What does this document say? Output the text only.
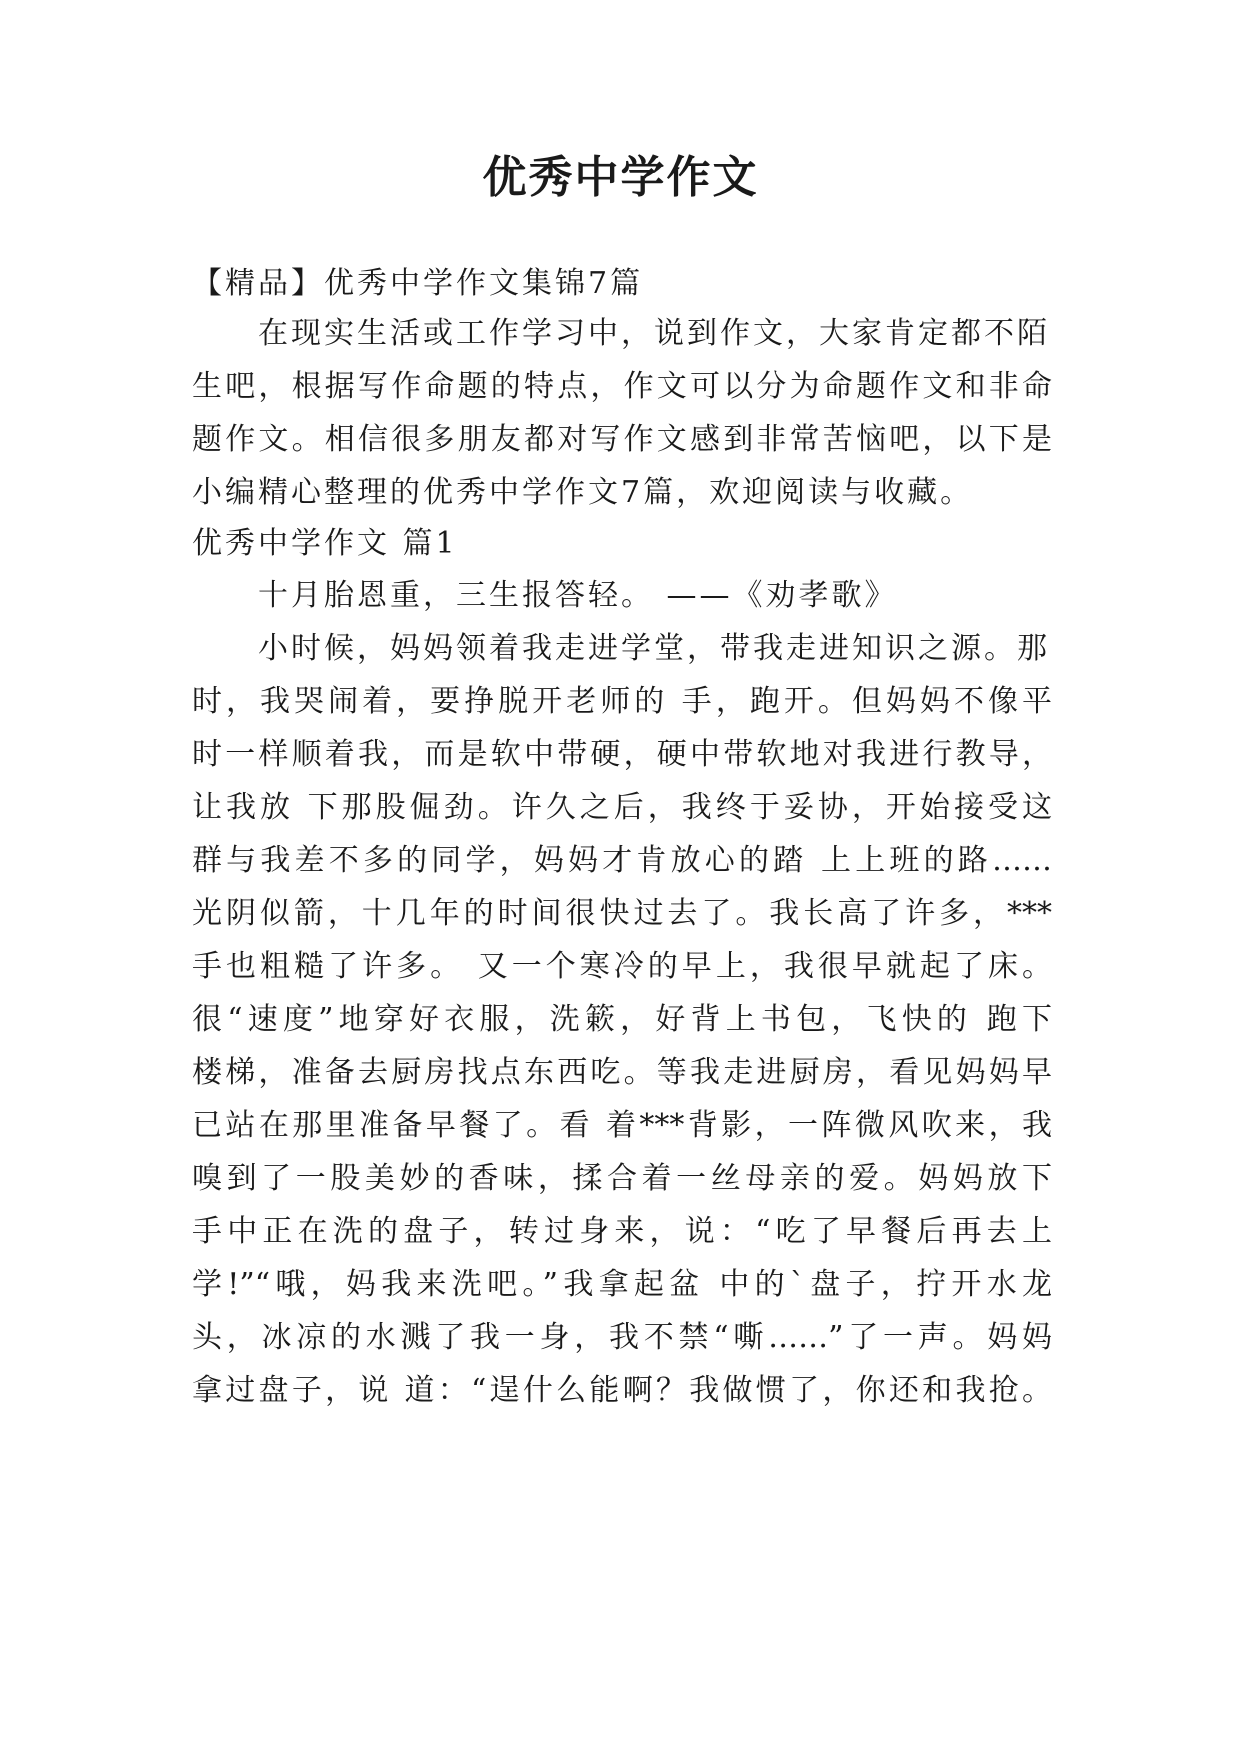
优秀中学作文
【精品】优秀中学作文集锦7篇
在现实生活或工作学习中，说到作文，大家肯定都不陌
生吧，根据写作命题的特点，作文可以分为命题作文和非命
题作文。相信很多朋友都对写作文感到非常苦恼吧，以下是
小编精心整理的优秀中学作文7篇，欢迎阅读与收藏。
优秀中学作文 篇1
十月胎恩重，三生报答轻。 ——《劝孝歌》
小时候，妈妈领着我走进学堂，带我走进知识之源。那
时，我哭闹着，要挣脱开老师的 手，跑开。但妈妈不像平
时一样顺着我，而是软中带硬，硬中带软地对我进行教导，
让我放 下那股倔劲。许久之后，我终于妥协，开始接受这
群与我差不多的同学，妈妈才肯放心的踏 上上班的路……
光阴似箭，十几年的时间很快过去了。我长高了许多，***
手也粗糙了许多。 又一个寒冷的早上，我很早就起了床。
很“速度”地穿好衣服，洗簌，好背上书包，飞快的 跑下
楼梯，准备去厨房找点东西吃。等我走进厨房，看见妈妈早
已站在那里准备早餐了。看 着***背影，一阵微风吹来，我
嗅到了一股美妙的香味，揉合着一丝母亲的爱。妈妈放下
手中正在洗的盘子，转过身来，说：“吃了早餐后再去上
学!”“哦，妈我来洗吧。”我拿起盆 中的`盘子，拧开水龙
头，冰凉的水溅了我一身，我不禁“嘶……”了一声。妈妈
拿过盘子，说 道：“逞什么能啊？我做惯了，你还和我抢。
